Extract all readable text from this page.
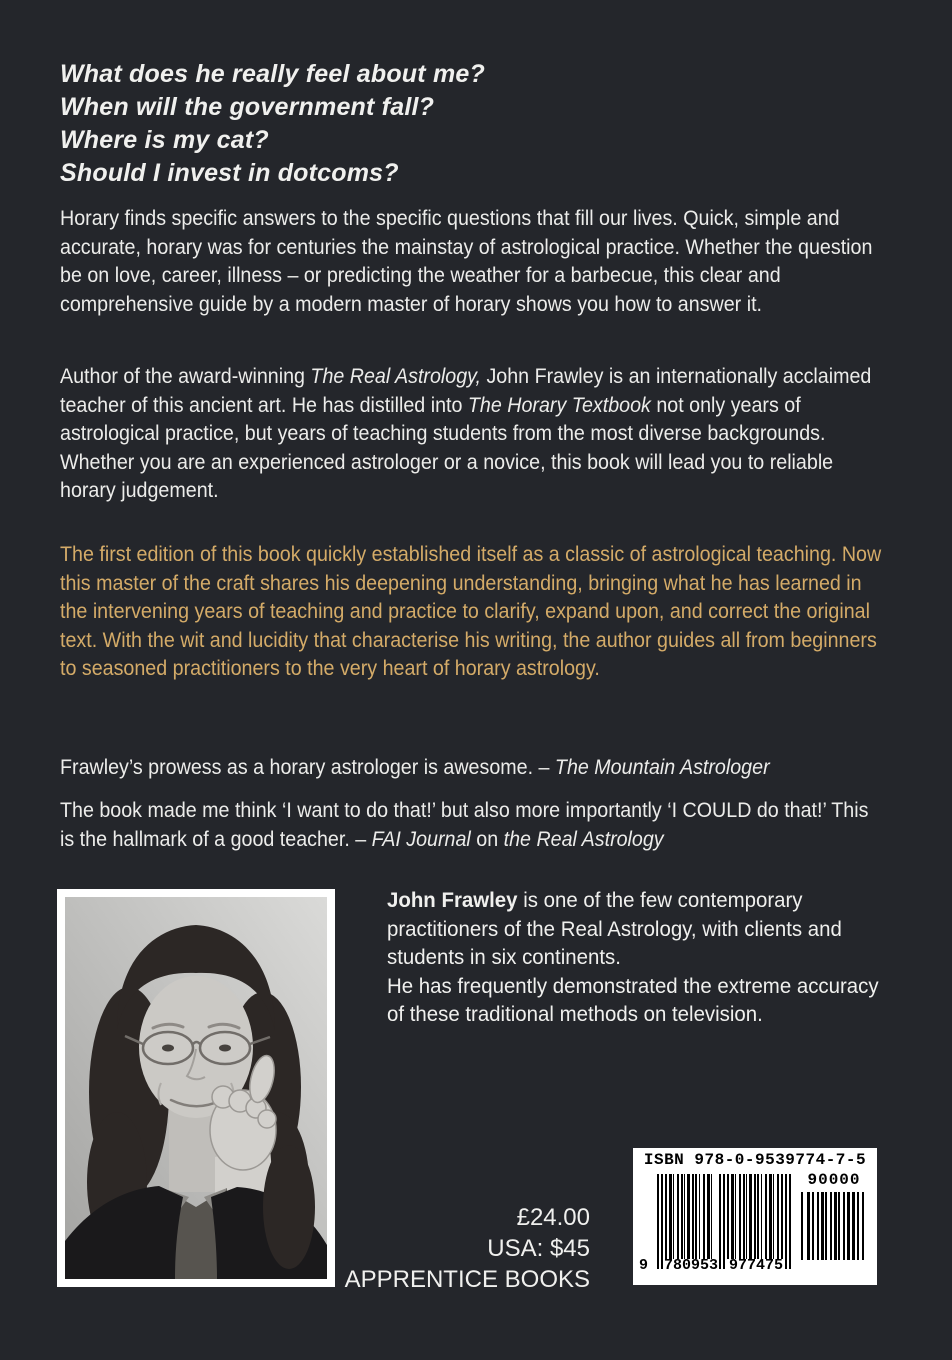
What does he really feel about me?
When will the government fall?
Where is my cat?
Should I invest in dotcoms?
Horary finds specific answers to the specific questions that fill our lives. Quick, simple and accurate, horary was for centuries the mainstay of astrological practice. Whether the question be on love, career, illness – or predicting the weather for a barbecue, this clear and comprehensive guide by a modern master of horary shows you how to answer it.
Author of the award-winning The Real Astrology, John Frawley is an internationally acclaimed teacher of this ancient art. He has distilled into The Horary Textbook not only years of astrological practice, but years of teaching students from the most diverse backgrounds. Whether you are an experienced astrologer or a novice, this book will lead you to reliable horary judgement.
The first edition of this book quickly established itself as a classic of astrological teaching. Now this master of the craft shares his deepening understanding, bringing what he has learned in the intervening years of teaching and practice to clarify, expand upon, and correct the original text. With the wit and lucidity that characterise his writing, the author guides all from beginners to seasoned practitioners to the very heart of horary astrology.
Frawley’s prowess as a horary astrologer is awesome. – The Mountain Astrologer
The book made me think ‘I want to do that!’ but also more importantly ‘I COULD do that!’ This is the hallmark of a good teacher. – FAI Journal on the Real Astrology

John Frawley is one of the few contemporary practitioners of the Real Astrology, with clients and students in six continents.

He has frequently demonstrated the extreme accuracy of these traditional methods on television.

£24.00
USA: $45
APPRENTICE BOOKS
ISBN 978-0-9539774-7-5
90000
9 780953 977475
